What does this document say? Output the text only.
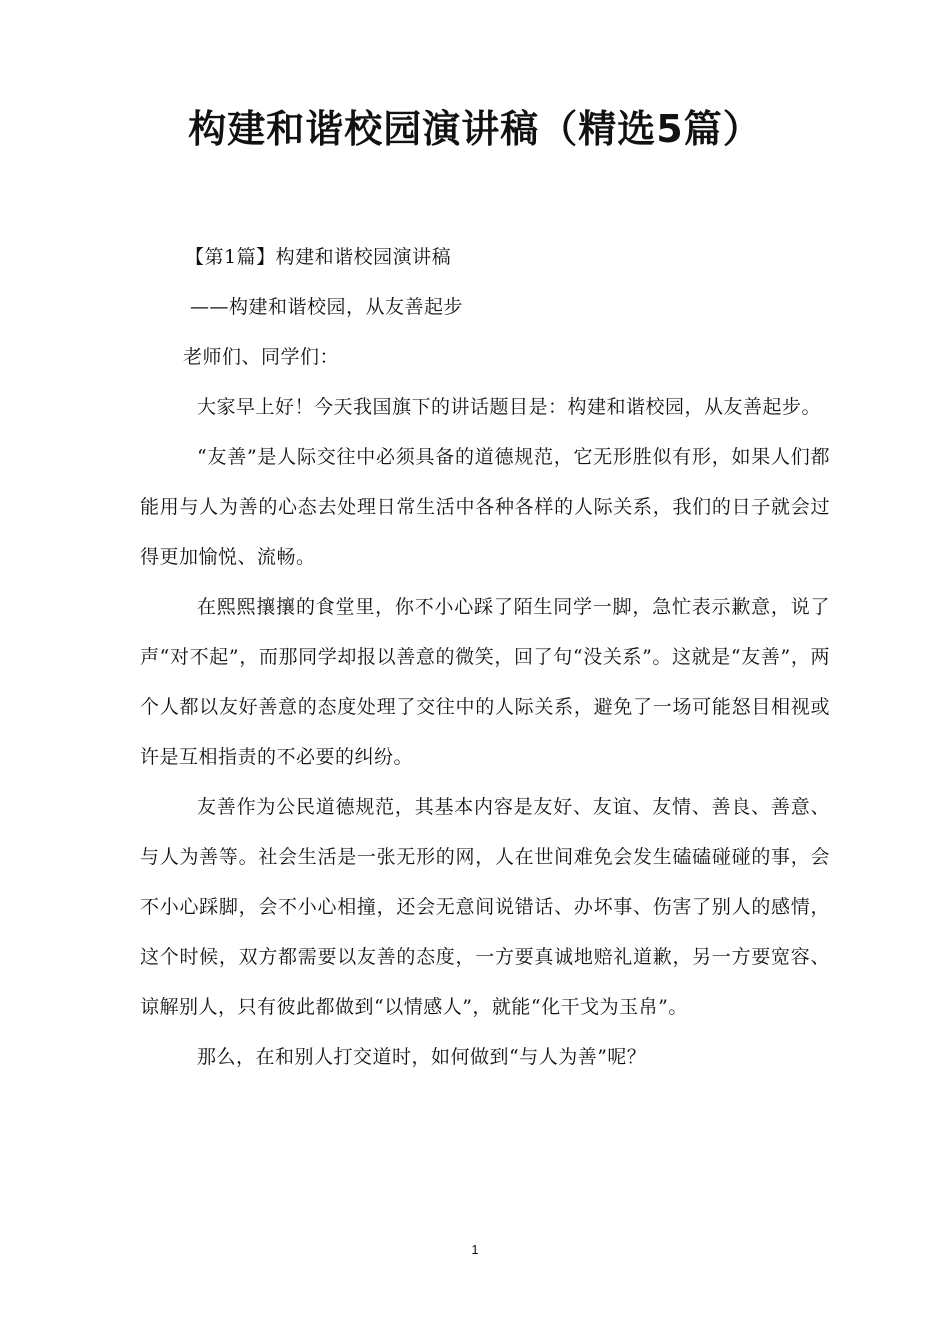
构建和谐校园演讲稿（精选5篇）

【第1篇】构建和谐校园演讲稿

——构建和谐校园，从友善起步

老师们、同学们：

大家早上好！今天我国旗下的讲话题目是：构建和谐校园，从友善起步。

“友善”是人际交往中必须具备的道德规范，它无形胜似有形，如果人们都能用与人为善的心态去处理日常生活中各种各样的人际关系，我们的日子就会过得更加愉悦、流畅。

在熙熙攘攘的食堂里，你不小心踩了陌生同学一脚，急忙表示歉意，说了声“对不起”，而那同学却报以善意的微笑，回了句“没关系”。这就是“友善”，两个人都以友好善意的态度处理了交往中的人际关系，避免了一场可能怒目相视或许是互相指责的不必要的纠纷。

友善作为公民道德规范，其基本内容是友好、友谊、友情、善良、善意、与人为善等。社会生活是一张无形的网，人在世间难免会发生磕磕碰碰的事，会不小心踩脚，会不小心相撞，还会无意间说错话、办坏事、伤害了别人的感情，这个时候，双方都需要以友善的态度，一方要真诚地赔礼道歉，另一方要宽容、谅解别人，只有彼此都做到“以情感人”，就能“化干戈为玉帛”。

那么，在和别人打交道时，如何做到“与人为善”呢？

1
